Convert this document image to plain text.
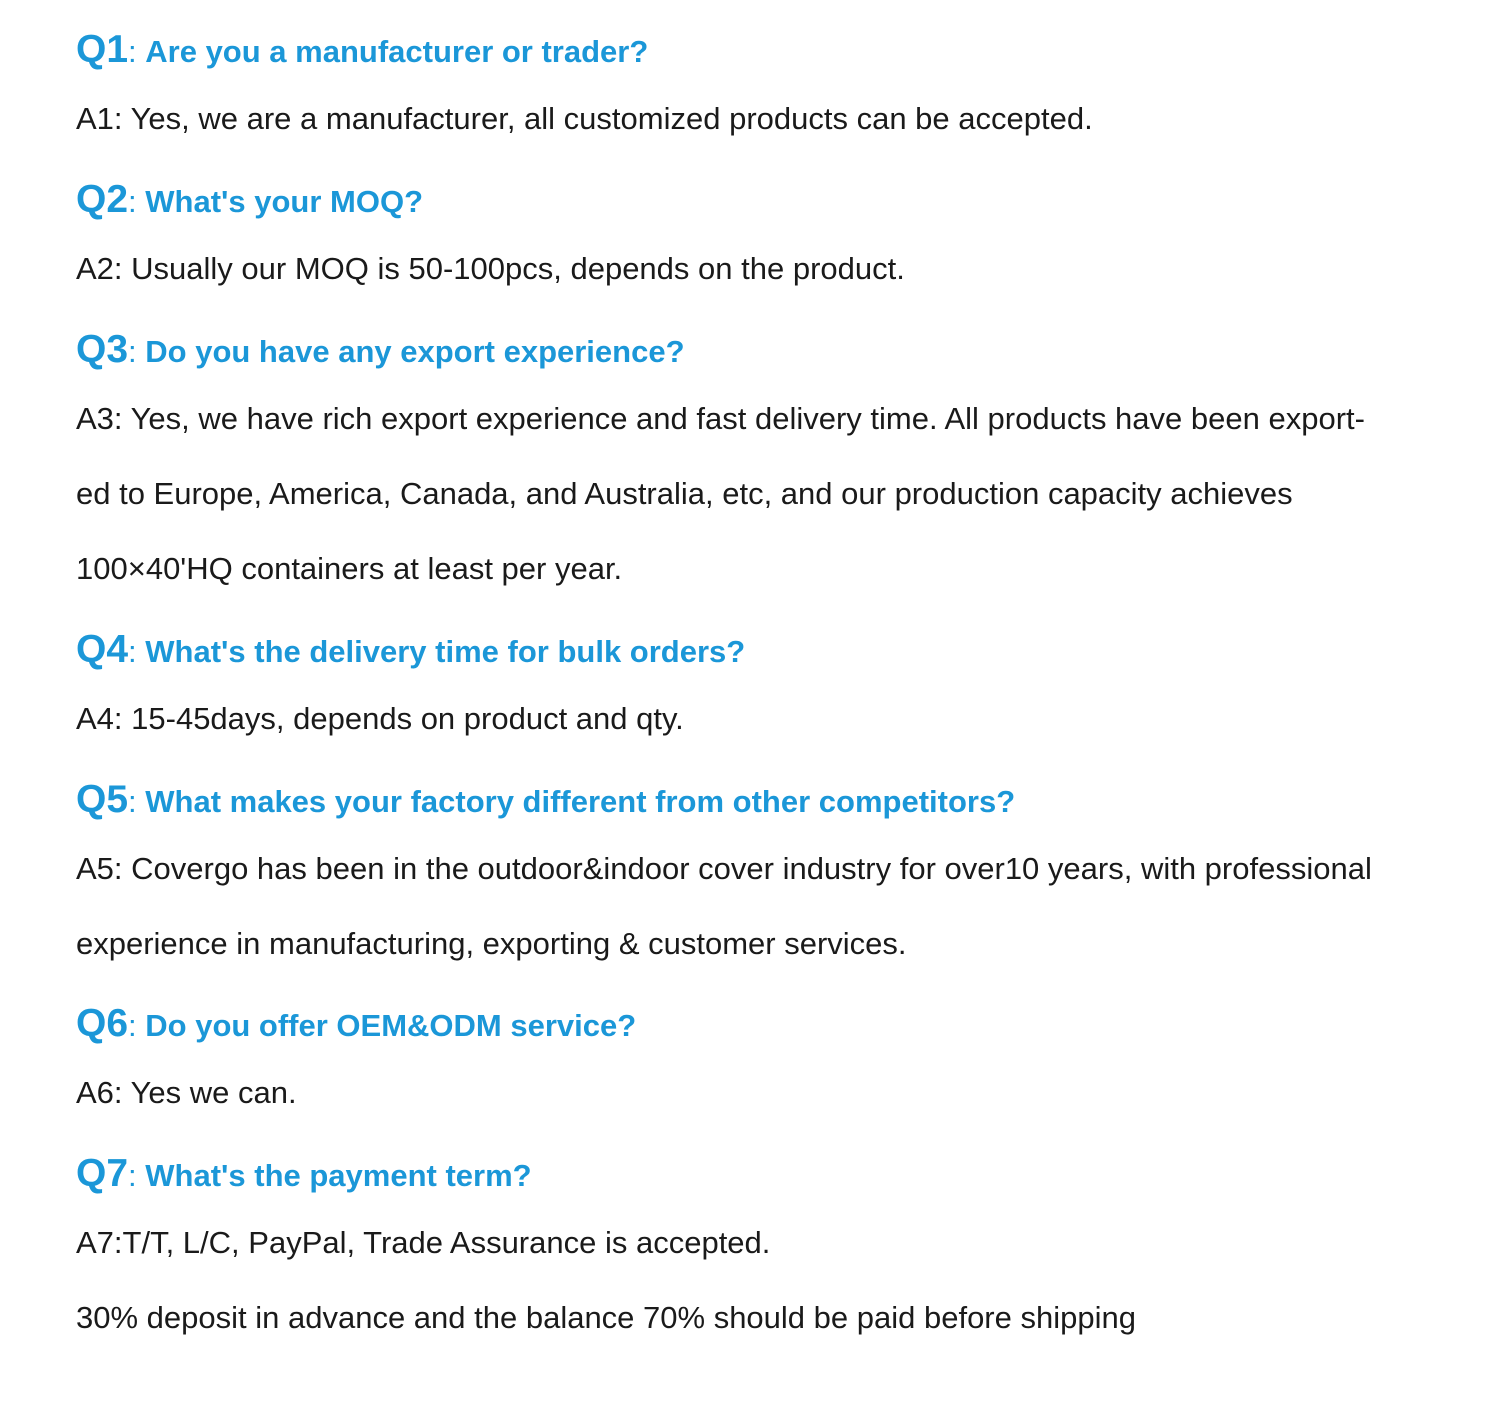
Q1: Are you a manufacturer or trader?
A1: Yes, we are a manufacturer, all customized products can be accepted.
Q2: What's your MOQ?
A2: Usually our MOQ is 50-100pcs, depends on the product.
Q3: Do you have any export experience?
A3: Yes, we have rich export experience and fast delivery time. All products have been export-
ed to Europe, America, Canada, and Australia, etc, and our production capacity achieves
100×40'HQ containers at least per year.
Q4: What's the delivery time for bulk orders?
A4: 15-45days, depends on product and qty.
Q5: What makes your factory different from other competitors?
A5: Covergo has been in the outdoor&indoor cover industry for over10 years, with professional
experience in manufacturing, exporting & customer services.
Q6: Do you offer OEM&ODM service?
A6: Yes we can.
Q7: What's the payment term?
A7:T/T, L/C, PayPal, Trade Assurance is accepted.
30% deposit in advance and the balance 70% should be paid before shipping
